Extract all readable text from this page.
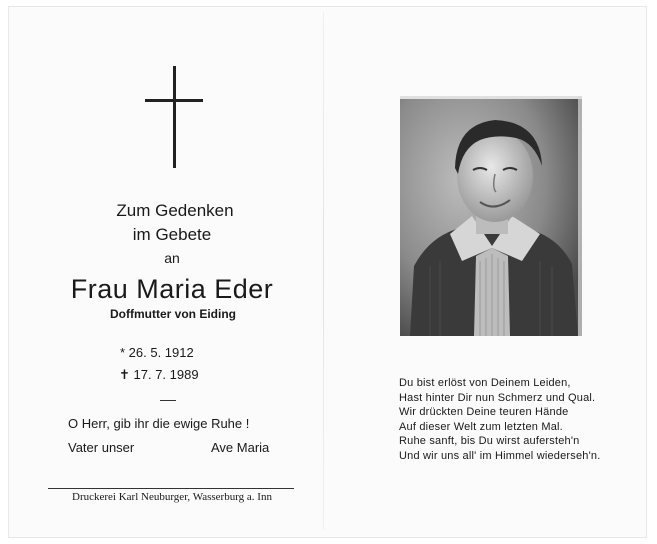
Zum Gedenken
im Gebete
an
Frau Maria Eder
Doffmutter von Eiding
* 26. 5. 1912
✝ 17. 7. 1989
O Herr, gib ihr die ewige Ruhe !
Vater unser	Ave Maria
Druckerei Karl Neuburger, Wasserburg a. Inn
Du bist erlöst von Deinem Leiden,
Hast hinter Dir nun Schmerz und Qual.
Wir drückten Deine teuren Hände
Auf dieser Welt zum letzten Mal.
Ruhe sanft, bis Du wirst aufersteh'n
Und wir uns all' im Himmel wiederseh'n.
